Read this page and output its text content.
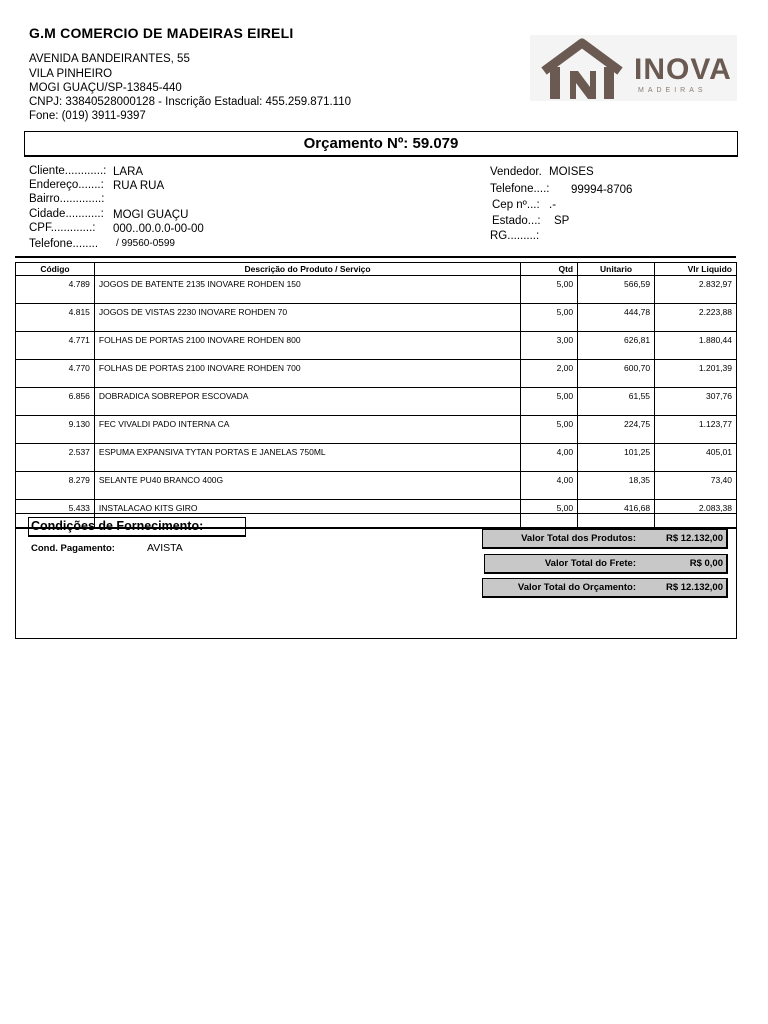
G.M COMERCIO DE MADEIRAS EIRELI
AVENIDA BANDEIRANTES, 55
VILA PINHEIRO
MOGI GUAÇU/SP-13845-440
CNPJ: 33840528000128 - Inscrição Estadual: 455.259.871.110
Fone: (019) 3911-9397
INOVA
MADEIRAS
Orçamento Nº: 59.079
Cliente............: LARA
Endereço.......: RUA RUA
Bairro.............:
Cidade...........: MOGI GUAÇU
CPF.............: 000..00.0.0-00-00
Telefone........ / 99560-0599
Vendedor. MOISES
Telefone....: 99994-8706
Cep nº...: .-
Estado...: SP
RG.........:
Código	Descrição do Produto / Serviço	Qtd	Unitario	Vlr Liquido
4.789	JOGOS DE BATENTE 2135 INOVARE ROHDEN 150	5,00	566,59	2.832,97
4.815	JOGOS DE VISTAS 2230 INOVARE ROHDEN 70	5,00	444,78	2.223,88
4.771	FOLHAS DE PORTAS 2100 INOVARE ROHDEN 800	3,00	626,81	1.880,44
4.770	FOLHAS DE PORTAS 2100 INOVARE ROHDEN 700	2,00	600,70	1.201,39
6.856	DOBRADICA SOBREPOR ESCOVADA	5,00	61,55	307,76
9.130	FEC VIVALDI PADO INTERNA CA	5,00	224,75	1.123,77
2.537	ESPUMA EXPANSIVA TYTAN PORTAS E JANELAS 750ML	4,00	101,25	405,01
8.279	SELANTE PU40 BRANCO 400G	4,00	18,35	73,40
5.433	INSTALACAO KITS GIRO	5,00	416,68	2.083,38
Condições de Fornecimento:
Cond. Pagamento:	AVISTA
Valor Total dos Produtos:	R$ 12.132,00
Valor Total do Frete:	R$ 0,00
Valor Total do Orçamento:	R$ 12.132,00
